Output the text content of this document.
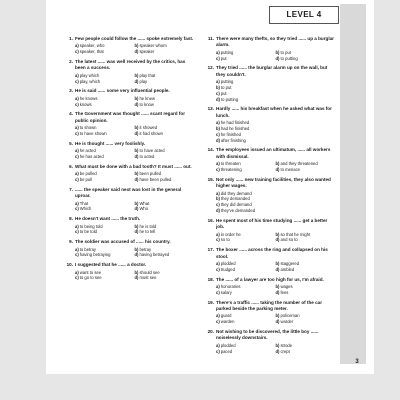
LEVEL 4
1. Few people could follow the ...... spoke extremely fast.
a)speaker, who	b)speaker whom
c)speaker, that	d)speaker
2. The latest ...... was well received by the critics, has been a success.
a)play which	b)play that
c)play, which	d)play
3. He is said ...... some very influential people.
a)he knows	b)he knew
c)knows	d)to know
4. The Government was thought ...... scant regard for public opinion.
a)to shown	b)it showed
c)to have shown	d)it had shown
5. He is thought ...... very foolishly.
a)he acted	b)to have acted
c)he has acted	d)to acted
6. What must be done with a bad tooth? It must ...... out.
a)be pulled	b)been pulled
c)be pull	d)have been pulled
7. ...... the speaker said next was lost in the general uproar.
a)That	b)What
c)Which	d)Who
8. He doesn't want ...... the truth.
a)to being told	b)he is told
c)to be told	d)he to tell
9. The soldier was accused of ...... his country.
a)to betray	b)betray
c)having betraying	d)having betrayed
10. I suggested that he ...... a doctor.
a)want to see	b)should see
c)to go to see	d)must see
11. There were many thefts, so they tried ...... up a burglar alarm.
a)putting	b)to put
c)put	d)to putting
12. They tried ...... the burglar alarm up on the wall, but they couldn't.
a)putting
b)to put
c)put
d)to putting
13. Hardly ...... his breakfast when he asked what was for lunch.
a)he had finished
b)had he finished
c)he finished
d)after finishing
14. The employees issued an ultimatum, ...... all workers with dismissal.
a)to threaten	b)and they threatened
c)threatening	d)to menace
15. Not only ...... new training facilities, they also wanted higher wages.
a)did they demand
b)they demanded
c)they did demand
d)they've demanded
16. He spent most of his time studying ...... get a better job.
a)in order he	b)so that he might
c)so to	d)and so to
17. The boxer ...... across the ring and collapsed on his stool.
a)plodded	b)staggered
c)trudged	d)ambled
18. The ...... of a lawyer are too high for us, I'm afraid.
a)honoraries	b)wages
c)salary	d)fees
19. There's a traffic ...... taking the number of the car parked beside the parking meter.
a)guard	b)policeman
c)warden	d)warder
20. Not wishing to be discovered, the little boy ...... noiselessly downstairs.
a)plodded	b)strode
c)paced	d)crept
3
